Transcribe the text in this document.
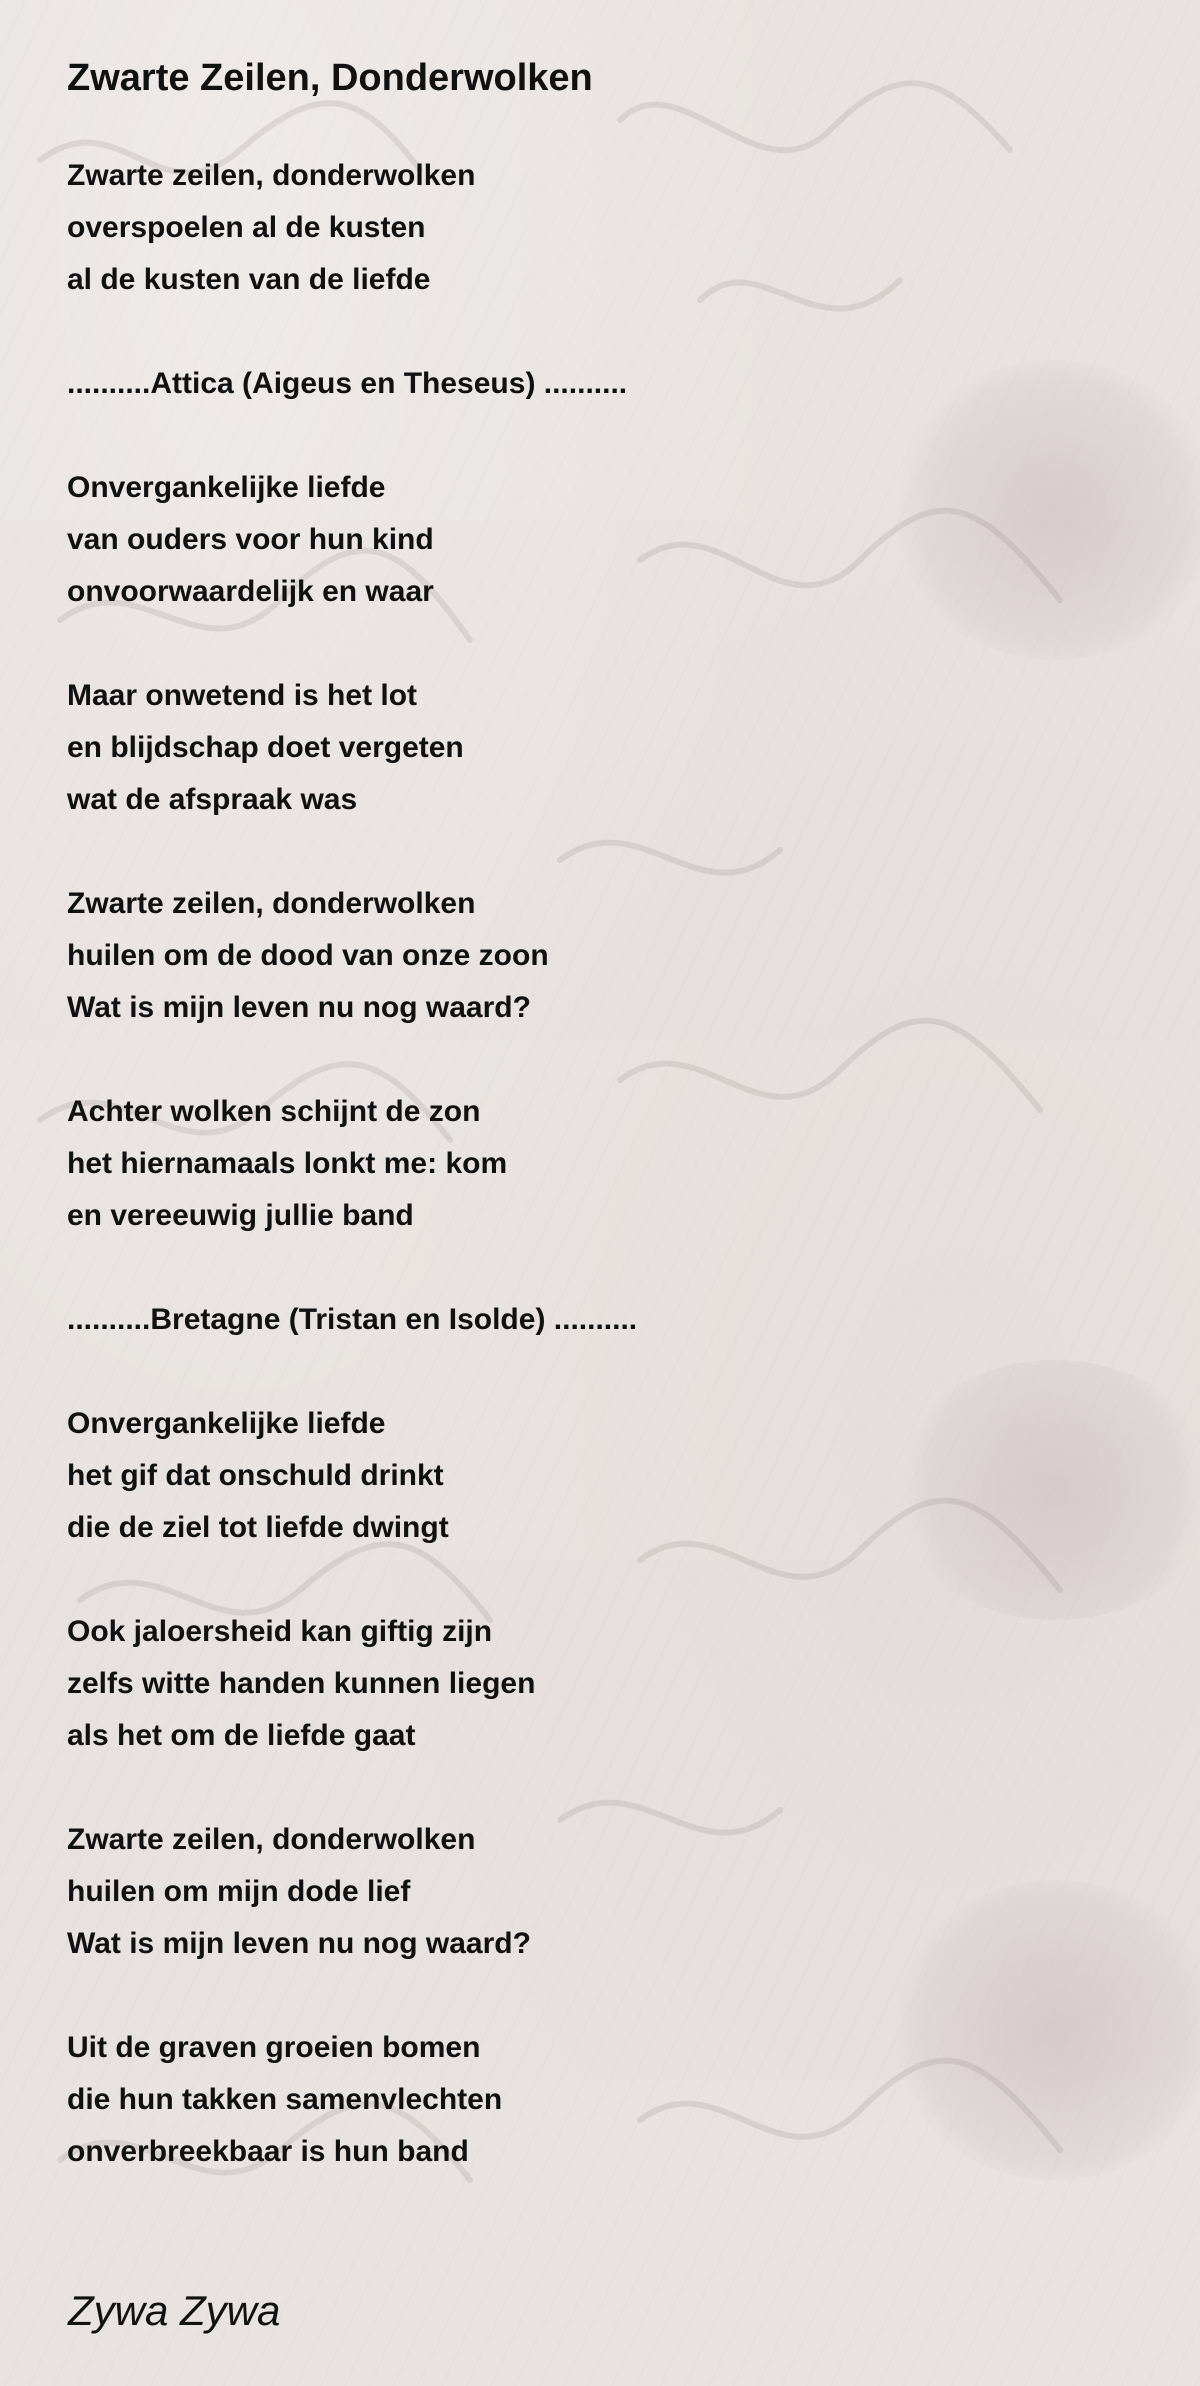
Zwarte Zeilen, Donderwolken
Zwarte zeilen, donderwolken
overspoelen al de kusten
al de kusten van de liefde
..........Attica (Aigeus en Theseus) ..........
Onvergankelijke liefde
van ouders voor hun kind
onvoorwaardelijk en waar
Maar onwetend is het lot
en blijdschap doet vergeten
wat de afspraak was
Zwarte zeilen, donderwolken
huilen om de dood van onze zoon
Wat is mijn leven nu nog waard?
Achter wolken schijnt de zon
het hiernamaals lonkt me: kom
en vereeuwig jullie band
..........Bretagne (Tristan en Isolde) ..........
Onvergankelijke liefde
het gif dat onschuld drinkt
die de ziel tot liefde dwingt
Ook jaloersheid kan giftig zijn
zelfs witte handen kunnen liegen
als het om de liefde gaat
Zwarte zeilen, donderwolken
huilen om mijn dode lief
Wat is mijn leven nu nog waard?
Uit de graven groeien bomen
die hun takken samenvlechten
onverbreekbaar is hun band
Zywa Zywa
